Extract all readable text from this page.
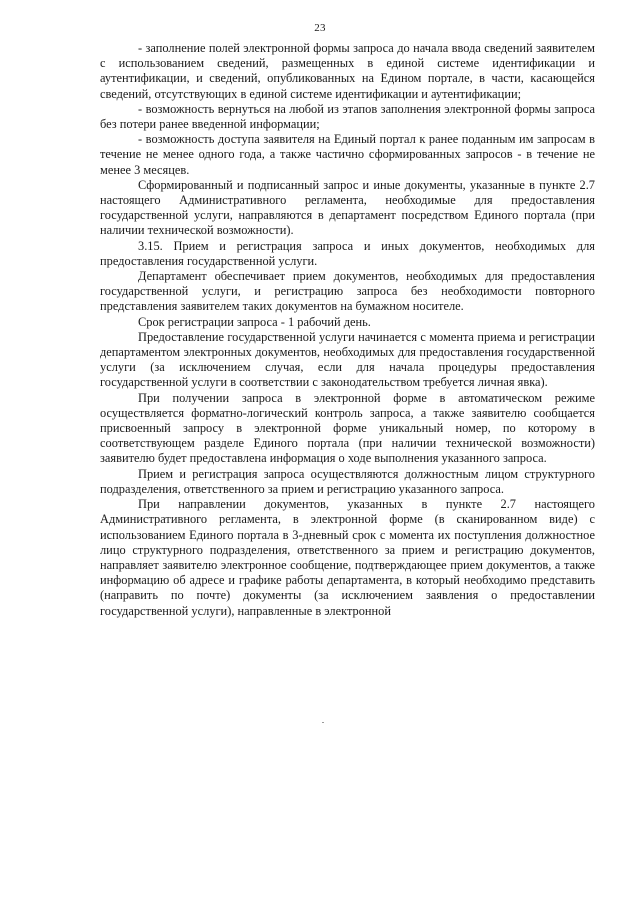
23

- заполнение полей электронной формы запроса до начала ввода сведений заявителем с использованием сведений, размещенных в единой системе идентификации и аутентификации, и сведений, опубликованных на Едином портале, в части, касающейся сведений, отсутствующих в единой системе идентификации и аутентификации;

- возможность вернуться на любой из этапов заполнения электронной формы запроса без потери ранее введенной информации;

- возможность доступа заявителя на Единый портал к ранее поданным им запросам в течение не менее одного года, а также частично сформированных запросов - в течение не менее 3 месяцев.

Сформированный и подписанный запрос и иные документы, указанные в пункте 2.7 настоящего Административного регламента, необходимые для предоставления государственной услуги, направляются в департамент посредством Единого портала (при наличии технической возможности).

3.15. Прием и регистрация запроса и иных документов, необходимых для предоставления государственной услуги.

Департамент обеспечивает прием документов, необходимых для предоставления государственной услуги, и регистрацию запроса без необходимости повторного представления заявителем таких документов на бумажном носителе.

Срок регистрации запроса - 1 рабочий день.

Предоставление государственной услуги начинается с момента приема и регистрации департаментом электронных документов, необходимых для предоставления государственной услуги (за исключением случая, если для начала процедуры предоставления государственной услуги в соответствии с законодательством требуется личная явка).

При получении запроса в электронной форме в автоматическом режиме осуществляется форматно-логический контроль запроса, а также заявителю сообщается присвоенный запросу в электронной форме уникальный номер, по которому в соответствующем разделе Единого портала (при наличии технической возможности) заявителю будет предоставлена информация о ходе выполнения указанного запроса.

Прием и регистрация запроса осуществляются должностным лицом структурного подразделения, ответственного за прием и регистрацию указанного запроса.

При направлении документов, указанных в пункте 2.7 настоящего Административного регламента, в электронной форме (в сканированном виде) с использованием Единого портала в 3-дневный срок с момента их поступления должностное лицо структурного подразделения, ответственного за прием и регистрацию документов, направляет заявителю электронное сообщение, подтверждающее прием документов, а также информацию об адресе и графике работы департамента, в который необходимо представить (направить по почте) документы (за исключением заявления о предоставлении государственной услуги), направленные в электронной
